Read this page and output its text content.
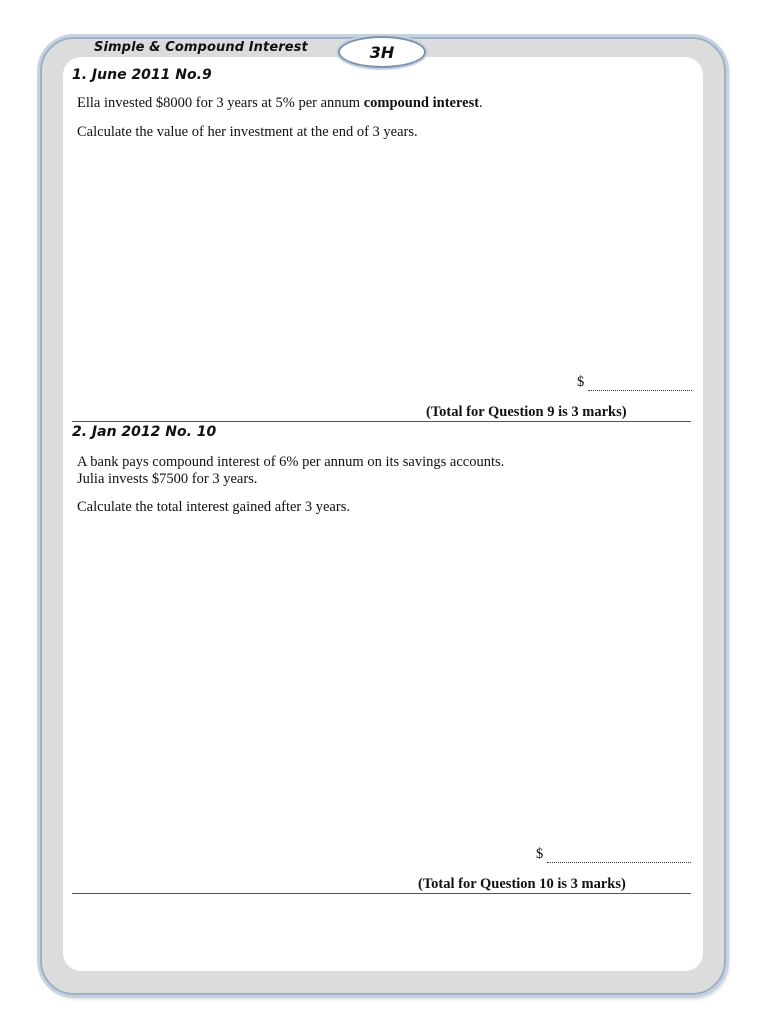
Simple & Compound Interest	3H
1. June 2011 No.9
Ella invested $8000 for 3 years at 5% per annum compound interest.
Calculate the value of her investment at the end of 3 years.
$
(Total for Question 9 is 3 marks)
2. Jan 2012 No. 10
A bank pays compound interest of 6% per annum on its savings accounts.
Julia invests $7500 for 3 years.
Calculate the total interest gained after 3 years.
$
(Total for Question 10 is 3 marks)
